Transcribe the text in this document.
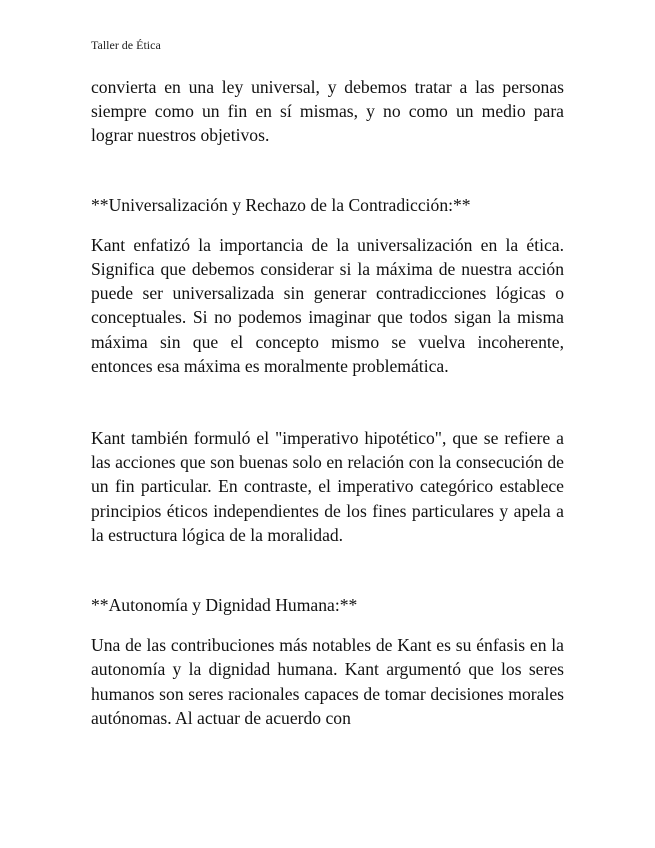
Taller de Ética

convierta en una ley universal, y debemos tratar a las personas siempre como un fin en sí mismas, y no como un medio para lograr nuestros objetivos.

**Universalización y Rechazo de la Contradicción:**

Kant enfatizó la importancia de la universalización en la ética. Significa que debemos considerar si la máxima de nuestra acción puede ser universalizada sin generar contradicciones lógicas o conceptuales. Si no podemos imaginar que todos sigan la misma máxima sin que el concepto mismo se vuelva incoherente, entonces esa máxima es moralmente problemática.

Kant también formuló el "imperativo hipotético", que se refiere a las acciones que son buenas solo en relación con la consecución de un fin particular. En contraste, el imperativo categórico establece principios éticos independientes de los fines particulares y apela a la estructura lógica de la moralidad.

**Autonomía y Dignidad Humana:**

Una de las contribuciones más notables de Kant es su énfasis en la autonomía y la dignidad humana. Kant argumentó que los seres humanos son seres racionales capaces de tomar decisiones morales autónomas. Al actuar de acuerdo con
